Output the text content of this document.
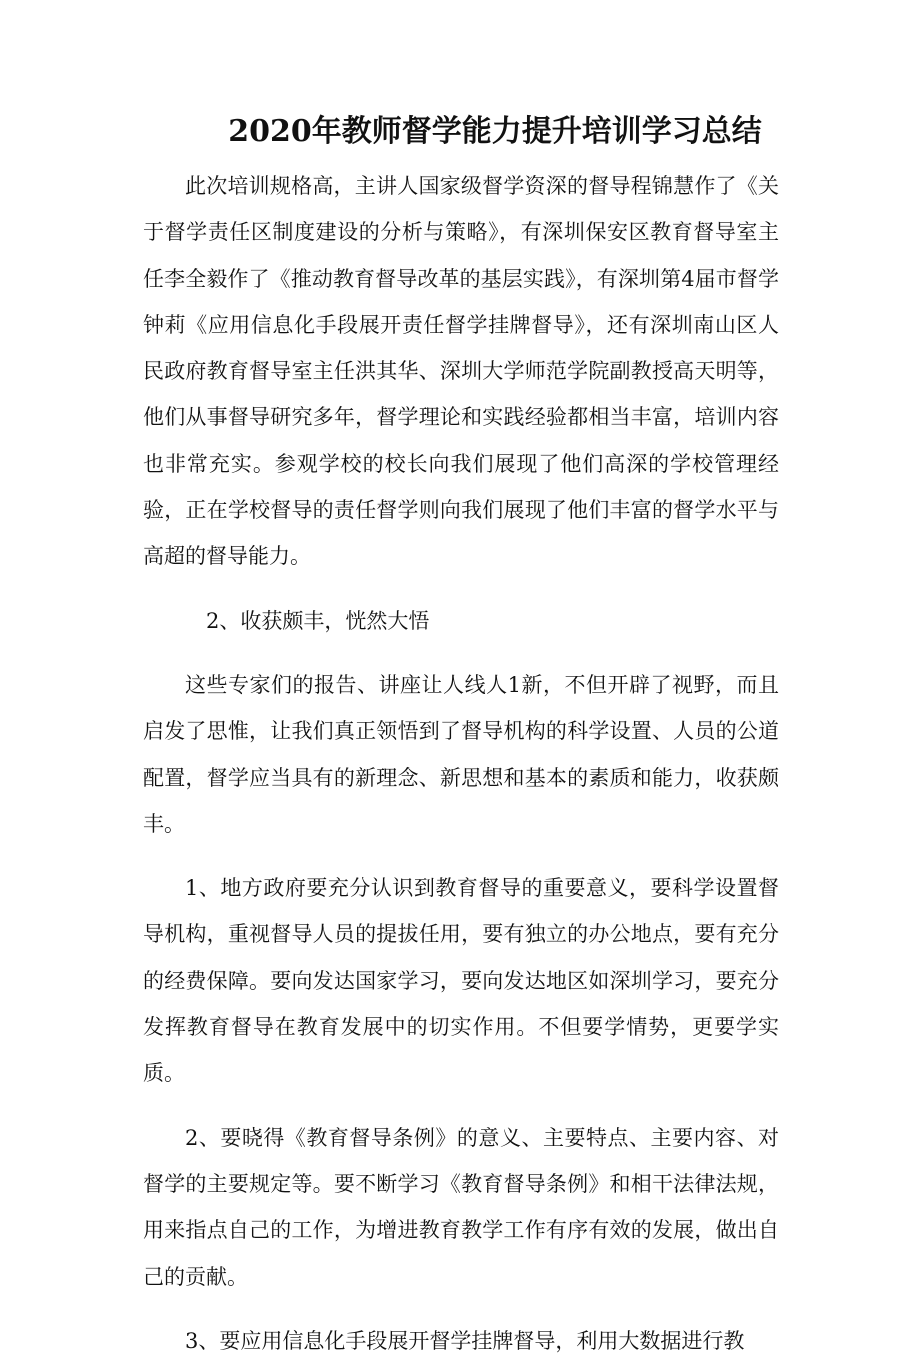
2020年教师督学能力提升培训学习总结

此次培训规格高，主讲人国家级督学资深的督导程锦慧作了《关于督学责任区制度建设的分析与策略》，有深圳保安区教育督导室主任李全毅作了《推动教育督导改革的基层实践》，有深圳第4届市督学钟莉《应用信息化手段展开责任督学挂牌督导》，还有深圳南山区人民政府教育督导室主任洪其华、深圳大学师范学院副教授高天明等，他们从事督导研究多年，督学理论和实践经验都相当丰富，培训内容也非常充实。参观学校的校长向我们展现了他们高深的学校管理经验，正在学校督导的责任督学则向我们展现了他们丰富的督学水平与高超的督导能力。

2、收获颇丰，恍然大悟

这些专家们的报告、讲座让人线人1新，不但开辟了视野，而且启发了思惟，让我们真正领悟到了督导机构的科学设置、人员的公道配置，督学应当具有的新理念、新思想和基本的素质和能力，收获颇丰。

1、地方政府要充分认识到教育督导的重要意义，要科学设置督导机构，重视督导人员的提拔任用，要有独立的办公地点，要有充分的经费保障。要向发达国家学习，要向发达地区如深圳学习，要充分发挥教育督导在教育发展中的切实作用。不但要学情势，更要学实质。

2、要晓得《教育督导条例》的意义、主要特点、主要内容、对督学的主要规定等。要不断学习《教育督导条例》和相干法律法规，用来指点自己的工作，为增进教育教学工作有序有效的发展，做出自己的贡献。

3、要应用信息化手段展开督学挂牌督导，利用大数据进行教
